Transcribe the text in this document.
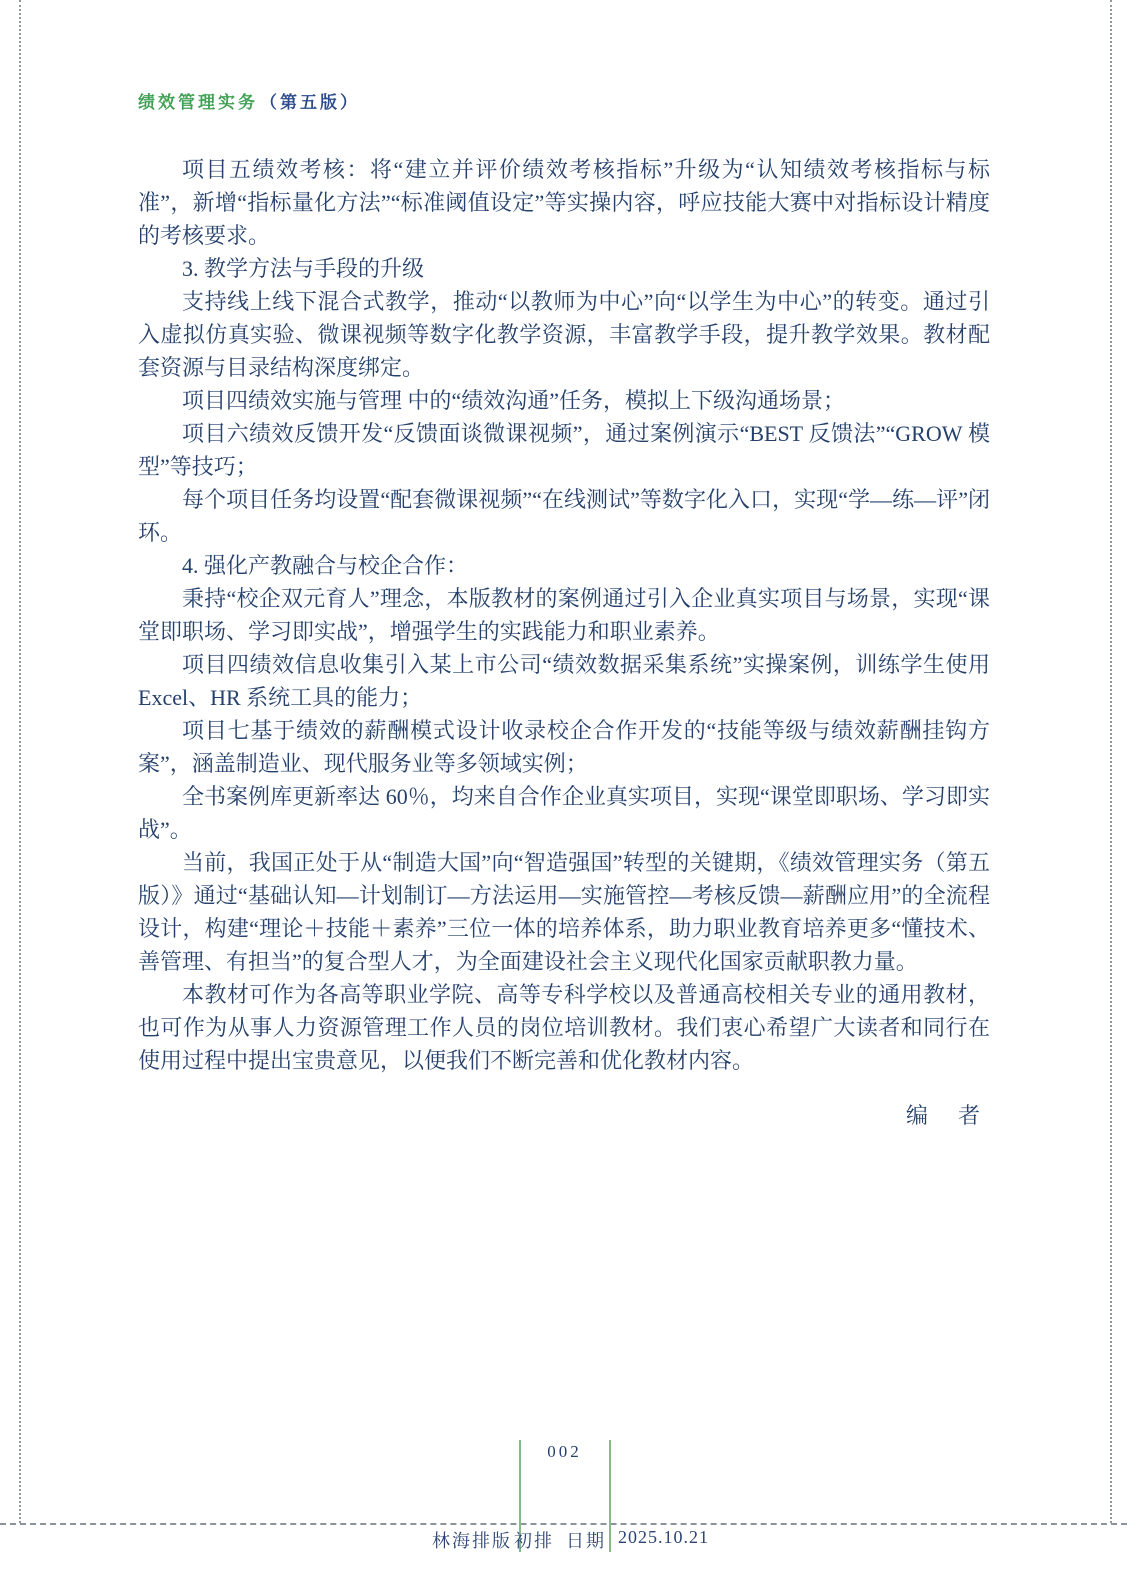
绩效管理实务 （第五版）

项目五绩效考核：将“建立并评价绩效考核指标”升级为“认知绩效考核指标与标准”，新增“指标量化方法”“标准阈值设定”等实操内容，呼应技能大赛中对指标设计精度的考核要求。

3. 教学方法与手段的升级

支持线上线下混合式教学，推动“以教师为中心”向“以学生为中心”的转变。通过引入虚拟仿真实验、微课视频等数字化教学资源，丰富教学手段，提升教学效果。教材配套资源与目录结构深度绑定。

项目四绩效实施与管理 中的“绩效沟通”任务，模拟上下级沟通场景；

项目六绩效反馈开发“反馈面谈微课视频”，通过案例演示“BEST 反馈法”“GROW 模型”等技巧；

每个项目任务均设置“配套微课视频”“在线测试”等数字化入口，实现“学—练—评”闭环。

4. 强化产教融合与校企合作：

秉持“校企双元育人”理念，本版教材的案例通过引入企业真实项目与场景，实现“课堂即职场、学习即实战”，增强学生的实践能力和职业素养。

项目四绩效信息收集引入某上市公司“绩效数据采集系统”实操案例，训练学生使用 Excel、HR 系统工具的能力；

项目七基于绩效的薪酬模式设计收录校企合作开发的“技能等级与绩效薪酬挂钩方案”，涵盖制造业、现代服务业等多领域实例；

全书案例库更新率达 60％，均来自合作企业真实项目，实现“课堂即职场、学习即实战”。

当前，我国正处于从“制造大国”向“智造强国”转型的关键期，《绩效管理实务（第五版）》通过“基础认知—计划制订—方法运用—实施管控—考核反馈—薪酬应用”的全流程设计，构建“理论＋技能＋素养”三位一体的培养体系，助力职业教育培养更多“懂技术、善管理、有担当”的复合型人才，为全面建设社会主义现代化国家贡献职教力量。

本教材可作为各高等职业学院、高等专科学校以及普通高校相关专业的通用教材，也可作为从事人力资源管理工作人员的岗位培训教材。我们衷心希望广大读者和同行在使用过程中提出宝贵意见，以便我们不断完善和优化教材内容。

编　者

002
林海排版 初排 日期 2025.10.21
